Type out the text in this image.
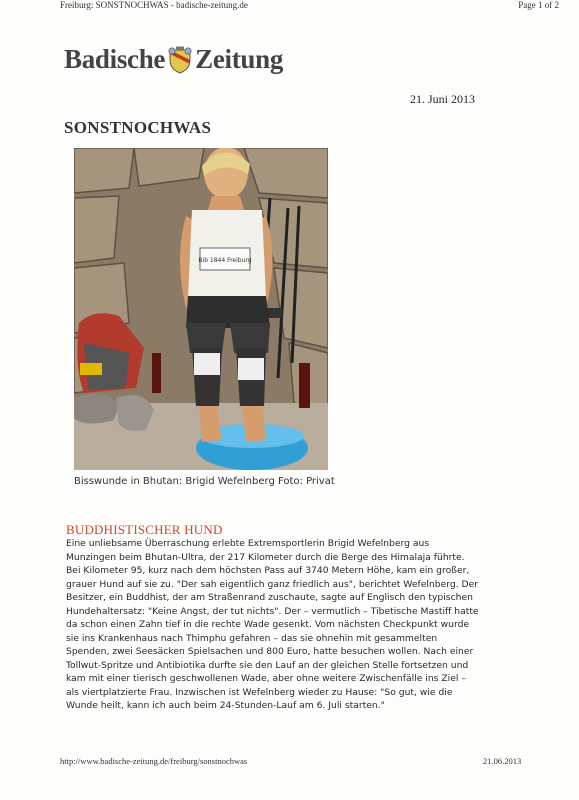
Freiburg: SONSTNOCHWAS - badische-zeitung.de	Page 1 of 2
Badische Zeitung
21. Juni 2013
SONSTNOCHWAS
Bib 1844 Freiburg
Bisswunde in Bhutan: Brigid Wefelnberg Foto: Privat
BUDDHISTISCHER HUND

Eine unliebsame Überraschung erlebte Extremsportlerin Brigid Wefelnberg aus Munzingen beim Bhutan-Ultra, der 217 Kilometer durch die Berge des Himalaja führte. Bei Kilometer 95, kurz nach dem höchsten Pass auf 3740 Metern Höhe, kam ein großer, grauer Hund auf sie zu. "Der sah eigentlich ganz friedlich aus", berichtet Wefelnberg. Der Besitzer, ein Buddhist, der am Straßenrand zuschaute, sagte auf Englisch den typischen Hundehaltersatz: "Keine Angst, der tut nichts". Der – vermutlich – Tibetische Mastiff hatte da schon einen Zahn tief in die rechte Wade gesenkt. Vom nächsten Checkpunkt wurde sie ins Krankenhaus nach Thimphu gefahren – das sie ohnehin mit gesammelten Spenden, zwei Seesäcken Spielsachen und 800 Euro, hatte besuchen wollen. Nach einer Tollwut-Spritze und Antibiotika durfte sie den Lauf an der gleichen Stelle fortsetzen und kam mit einer tierisch geschwollenen Wade, aber ohne weitere Zwischenfälle ins Ziel – als viertplatzierte Frau. Inzwischen ist Wefelnberg wieder zu Hause: "So gut, wie die Wunde heilt, kann ich auch beim 24-Stunden-Lauf am 6. Juli starten."

http://www.badische-zeitung.de/freiburg/sonstnochwas	21.06.2013
